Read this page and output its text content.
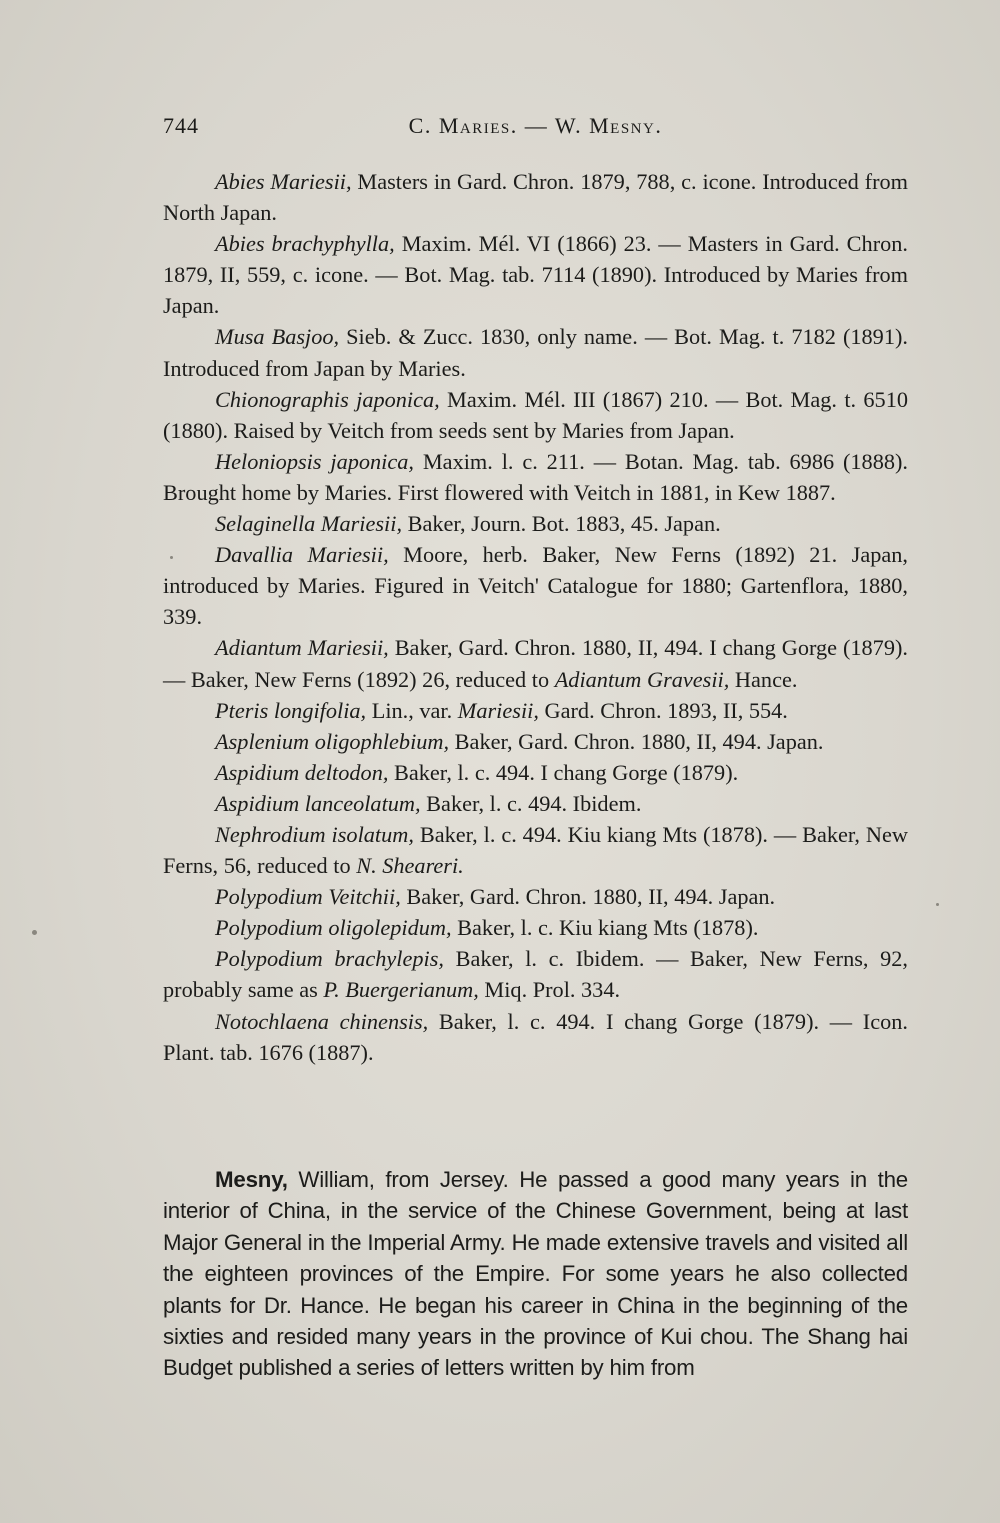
744	C. Maries. — W. Mesny.

Abies Mariesii, Masters in Gard. Chron. 1879, 788, c. icone. Introduced from North Japan.

Abies brachyphylla, Maxim. Mél. VI (1866) 23. — Masters in Gard. Chron. 1879, II, 559, c. icone. — Bot. Mag. tab. 7114 (1890). Introduced by Maries from Japan.

Musa Basjoo, Sieb. & Zucc. 1830, only name. — Bot. Mag. t. 7182 (1891). Introduced from Japan by Maries.

Chionographis japonica, Maxim. Mél. III (1867) 210. — Bot. Mag. t. 6510 (1880). Raised by Veitch from seeds sent by Maries from Japan.

Heloniopsis japonica, Maxim. l. c. 211. — Botan. Mag. tab. 6986 (1888). Brought home by Maries. First flowered with Veitch in 1881, in Kew 1887.

Selaginella Mariesii, Baker, Journ. Bot. 1883, 45. Japan.

Davallia Mariesii, Moore, herb. Baker, New Ferns (1892) 21. Japan, introduced by Maries. Figured in Veitch' Catalogue for 1880; Gartenflora, 1880, 339.

Adiantum Mariesii, Baker, Gard. Chron. 1880, II, 494. I chang Gorge (1879). — Baker, New Ferns (1892) 26, reduced to Adiantum Gravesii, Hance.

Pteris longifolia, Lin., var. Mariesii, Gard. Chron. 1893, II, 554.

Asplenium oligophlebium, Baker, Gard. Chron. 1880, II, 494. Japan.

Aspidium deltodon, Baker, l. c. 494. I chang Gorge (1879).

Aspidium lanceolatum, Baker, l. c. 494. Ibidem.

Nephrodium isolatum, Baker, l. c. 494. Kiu kiang Mts (1878). — Baker, New Ferns, 56, reduced to N. Sheareri.

Polypodium Veitchii, Baker, Gard. Chron. 1880, II, 494. Japan.

Polypodium oligolepidum, Baker, l. c. Kiu kiang Mts (1878).

Polypodium brachylepis, Baker, l. c. Ibidem. — Baker, New Ferns, 92, probably same as P. Buergerianum, Miq. Prol. 334.

Notochlaena chinensis, Baker, l. c. 494. I chang Gorge (1879). — Icon. Plant. tab. 1676 (1887).

Mesny, William, from Jersey. He passed a good many years in the interior of China, in the service of the Chinese Government, being at last Major General in the Imperial Army. He made extensive travels and visited all the eighteen provinces of the Empire. For some years he also collected plants for Dr. Hance. He began his career in China in the beginning of the sixties and resided many years in the province of Kui chou. The Shang hai Budget published a series of letters written by him from
